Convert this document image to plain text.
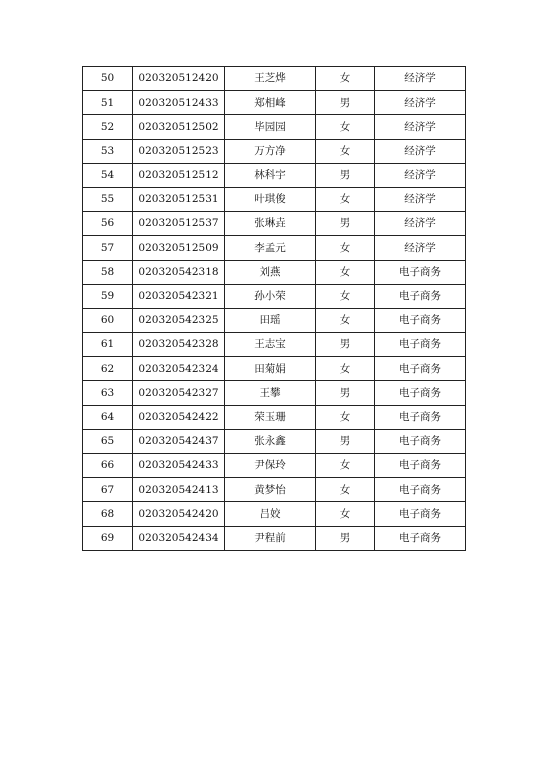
50	020320512420	王芝烨	女	经济学
51	020320512433	郑相峰	男	经济学
52	020320512502	毕园园	女	经济学
53	020320512523	万方净	女	经济学
54	020320512512	林科宇	男	经济学
55	020320512531	叶琪俊	女	经济学
56	020320512537	张琳垚	男	经济学
57	020320512509	李孟元	女	经济学
58	020320542318	刘燕	女	电子商务
59	020320542321	孙小荣	女	电子商务
60	020320542325	田瑶	女	电子商务
61	020320542328	王志宝	男	电子商务
62	020320542324	田菊娟	女	电子商务
63	020320542327	王攀	男	电子商务
64	020320542422	荣玉珊	女	电子商务
65	020320542437	张永鑫	男	电子商务
66	020320542433	尹保玲	女	电子商务
67	020320542413	黄梦怡	女	电子商务
68	020320542420	吕姣	女	电子商务
69	020320542434	尹程前	男	电子商务
